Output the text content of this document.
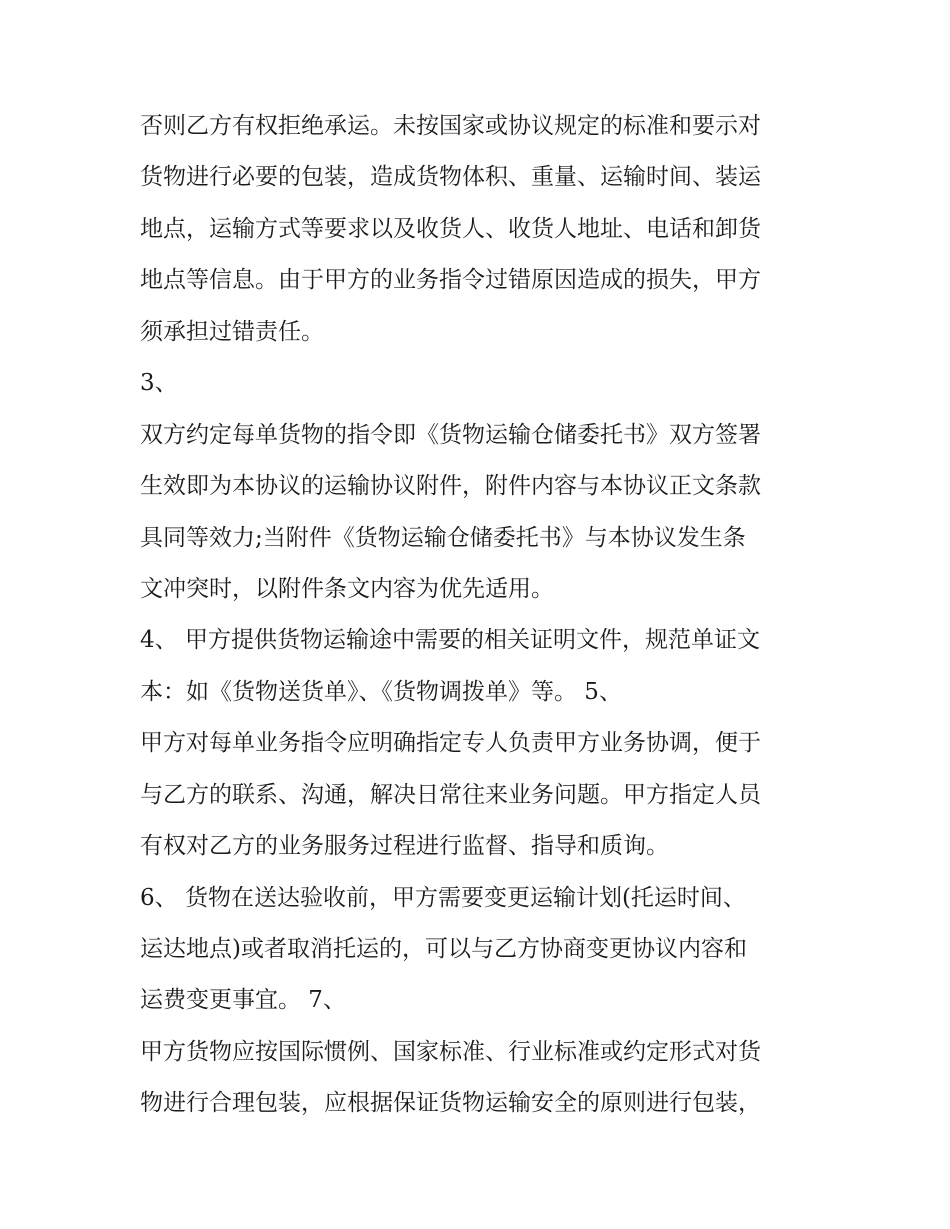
否则乙方有权拒绝承运。未按国家或协议规定的标准和要示对
货物进行必要的包装，造成货物体积、重量、运输时间、装运
地点，运输方式等要求以及收货人、收货人地址、电话和卸货
地点等信息。由于甲方的业务指令过错原因造成的损失，甲方
须承担过错责任。
3、
双方约定每单货物的指令即《货物运输仓储委托书》双方签署
生效即为本协议的运输协议附件，附件内容与本协议正文条款
具同等效力;当附件《货物运输仓储委托书》与本协议发生条
文冲突时，以附件条文内容为优先适用。
4、 甲方提供货物运输途中需要的相关证明文件，规范单证文
本：如《货物送货单》、《货物调拨单》等。 5、
甲方对每单业务指令应明确指定专人负责甲方业务协调，便于
与乙方的联系、沟通，解决日常往来业务问题。甲方指定人员
有权对乙方的业务服务过程进行监督、指导和质询。
6、 货物在送达验收前，甲方需要变更运输计划(托运时间、
运达地点)或者取消托运的，可以与乙方协商变更协议内容和
运费变更事宜。 7、
甲方货物应按国际惯例、国家标准、行业标准或约定形式对货
物进行合理包装，应根据保证货物运输安全的原则进行包装，
